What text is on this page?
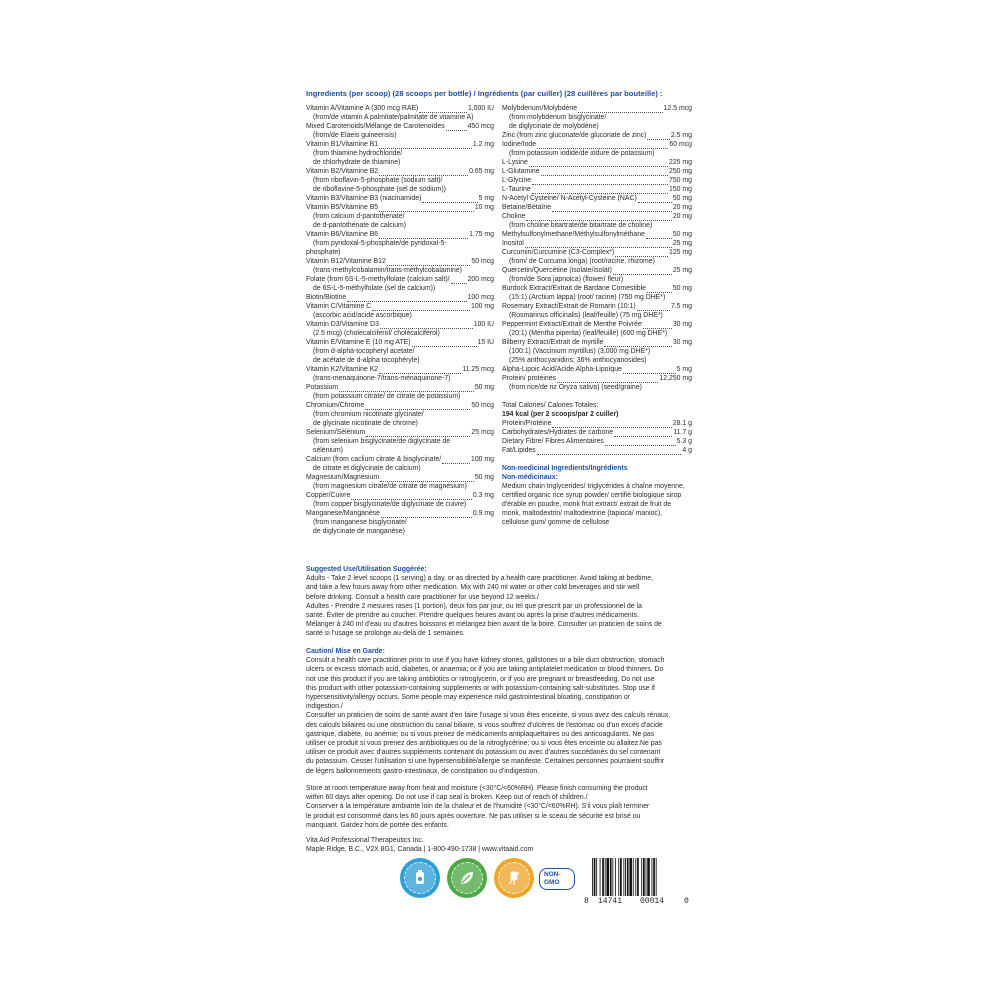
Ingredients (per scoop) (28 scoops per bottle) / Ingrédients (par cuiller) (28 cuillères par bouteille) :
Vitamin A/Vitamine A (300 mcg RAE)	1,000 IU
(from/de vitamin A palmitate/palmitate de vitamine A)
Mixed Carotenoids/Mélange de Carotenoïdes	450 mcg
(from/de Elaeis guineensis)
Vitamin B1/Vitamine B1	1.2 mg
(from thiamine hydrochloride/
de chlorhydrate de thiamine)
Vitamin B2/Vitamine B2	0.65 mg
(from riboflavin-5-phosphate (sodium salt)/
de riboflavine-5-phosphate (sel de sodium))
Vitamin B3/Vitamine B3 (niacinamide)	5 mg
Vitamin B5/Vitamine B5	10 mg
(from calcium d-pantothenate/
de d-pantothénate de calcium)
Vitamin B6/Vitamine B6	1.75 mg
(from pyridoxal-5-phosphate/de pyridoxal-5-
phosphate)
Vitamin B12/Vitamine B12	50 mcg
(trans-methylcobalamin/trans-méthylcobalamine)
Folate (from 6S-L-5-methylfolate (calcium salt)/	200 mcg
de 6S-L-5-méthylfolate (sel de calcium))
Biotin/Biotine	100 mcg
Vitamin C/Vitamine C	100 mg
(ascorbic acid/acide ascorbique)
Vitamin D3/Vitamine D3	100 IU
(2.5 mcg) (cholecalciferol/ cholécalciférol)
Vitamin E/Vitamine E (10 mg ATE)	15 IU
(from d-alpha-tocopheryl acetate/
de acétate de d-alpha tocophéryle)
Vitamin K2/Vitamine K2	11.25 mcg
(trans-menaquinone-7/trans-ménaquinone-7)
Potassium	50 mg
(from potassium citrate/ de citrate de potassium)
Chromium/Chrome	50 mcg
(from chromium nicotinate glycinate/
de glycinate nicotinate de chrome)
Selenium/Sélénium	25 mcg
(from selenium bisglycinate/de diglycinate de
sélénium)
Calcium (from caclium citrate & bisglycinate/	100 mg
de citrate et diglycinate de calcium)
Magnesium/Magnésium	50 mg
(from magnesium citrate/de citrate de magnésium)
Copper/Cuivre	0.3 mg
(from copper bisglycinate/de diglycinate de cuivre)
Manganese/Manganèse	0.9 mg
(from manganese bisglycinate/
de diglycinate de manganèse)
Molybdenum/Molybdène	12.5 mcg
(from molybdenum bisglycinate/
de diglycinate de molybdène)
Zinc (from zinc gluconate/de gluconate de zinc)	2.5 mg
Iodine/Iode	60 mcg
(from potassium iodide/de iodure de potassium)
L-Lysine	225 mg
L-Glutamine	250 mg
L-Glycine	750 mg
L-Taurine	150 mg
N-Acetyl Cysteine/ N-Acétyl-Cystéine (NAC)	50 mg
Betaine/Bétaïne	20 mg
Choline	20 mg
(from choline bitartrate/de bitartrate de choline)
Methylsulfonylmethane/Méthylsulfonylméthane	50 mg
Inositol	25 mg
Curcumin/Curcumine (C3-Complex*)	125 mg
(from/ de Curcuma longa) (root/racine, rhizome)
Quercetin/Quercétine (isolate/isolat)	25 mg
(from/de Sora japnoica) (flower/ fleur)
Burdock Extract/Extrait de Bardane Comestible	50 mg
(15:1) (Arctium lappa) (root/ racine) (750 mg DHE*)
Rosemary Extract/Extrait de Romarin (10:1)	7.5 mg
(Rosmarinus officinalis) (leaf/feuille) (75 mg DHE*)
Peppermint Extract/Extrait de Menthe Poivrée	30 mg
(20:1) (Mentha piperita) (leaf/feuille) (600 mg DHE*)
Bilberry Extract/Extrait de myrtille	30 mg
(100:1) (Vaccinium myrtillus) (3,000 mg DHE*)
(25% anthocyanidins; 36% anthocyanosides)
Alpha-Lipoic Acid/Acide Alpha-Lipoïque	5 mg
Protein/ protéines	12,250 mg
(from rice/de riz Oryza sativa) (seed/graine)
Total Calories/ Calories Totales:
194 kcal (per 2 scoops/par 2 cuiller)
Protein/Protéine	28.1 g
Carbohydrates/Hydrates de carbone	11.7 g
Dietary Fibre/ Fibres Alimentaires	5.3 g
Fat/Lipides	4 g
Non-medicinal Ingredients/Ingrédients
Non-médicinaux:
Medium chain triglycerides/ triglycérides à chaîne moyenne, certified organic rice syrup powder/ certifié biologique sirop d'érable en poudre, monk fruit extract/ extrait de fruit de monk, maltodextrin/ maltodextrine (tapioca/ manioc), cellulose gum/ gomme de cellulose
Suggested Use/Utilisation Suggérée:
Adults - Take 2 level scoops (1 serving) a day, or as directed by a health care practitioner. Avoid taking at bedtime,
and take a few hours away from other medication. Mix with 240 ml water or other cold beverages and stir well
before drinking. Consult a health care practitioner for use beyond 12 weeks./
Adultes - Prendre 2 mesures rases (1 portion), deux fois par jour, ou tel que prescrit par un professionnel de la
santé. Éviter de prendre au coucher. Prendre quelques heures avant ou après la prise d'autres médicaments.
Mélanger à 240 ml d'eau ou d'autres boissons et mélangez bien avant de la boire. Consulter un praticien de soins de
santé si l'usage se prolonge au-delà de 1 semaines.
Caution/ Mise en Garde:
Consult a health care practitioner prior to use if you have kidney stones, gallstones or a bile duct obstruction, stomach
ulcers or excess stomach acid, diabetes, or anaemia; or if you are taking antiplatelet medication or blood thinners. Do
not use this product if you are taking antibiotics or nitroglycerin, or if you are pregnant or breastfeeding. Do not use
this product with other potassium-containing supplements or with potassium-containing salt-substitutes. Stop use if
hypersensitivity/allergy occurs. Some people may experience mild gastrointestinal bloating, constipation or
indigestion./
Consulter un praticien de soins de santé avant d'en faire l'usage si vous êtes enceinte, si vous avez des calculs rénaux,
des calculs biliaires ou une obstruction du canal biliaire, si vous souffrez d'ulcères de l'estomac ou d'un excès d'acide
gastrique, diabète, ou anémie; ou si vous prenez de médicaments antiplaquettaires ou des anticoagulants. Ne pas
utiliser ce produit si vous prenez des antibiotiques ou de la nitroglycérine; ou si vous êtes enceinte ou allaitez.Ne pas
utiliser ce produit avec d'autres suppléments contenant du potassium ou avec d'autres succédanés du sel contenant
du potassium. Cesser l'utilisation si une hypersensibilité/allergie se manifeste. Certaines personnes pourraient souffrir
de légers ballonnements gastro-intestinaux, de constipation ou d'indigestion.
Store at room temperature away from heat and moisture (<30°C/<60%RH). Please finish consuming the product
within 60 days after opening. Do not use if cap seal is broken. Keep out of reach of children./
Conserver à la température ambiante loin de la chaleur et de l'humidité (<30°C/<60%RH). S'il vous plaît terminer
le produit est consommé dans les 60 jours après ouverture. Ne pas utiliser si le sceau de sécurité est brisé ou
manquant. Gardez hors de portée des enfants.
Vita Aid Professional Therapeutics Inc.
Maple Ridge, B.C., V2X 8G1, Canada | 1-800-490-1738 | www.vitaaid.com
NON-
GMO
8 14741 00014 0
